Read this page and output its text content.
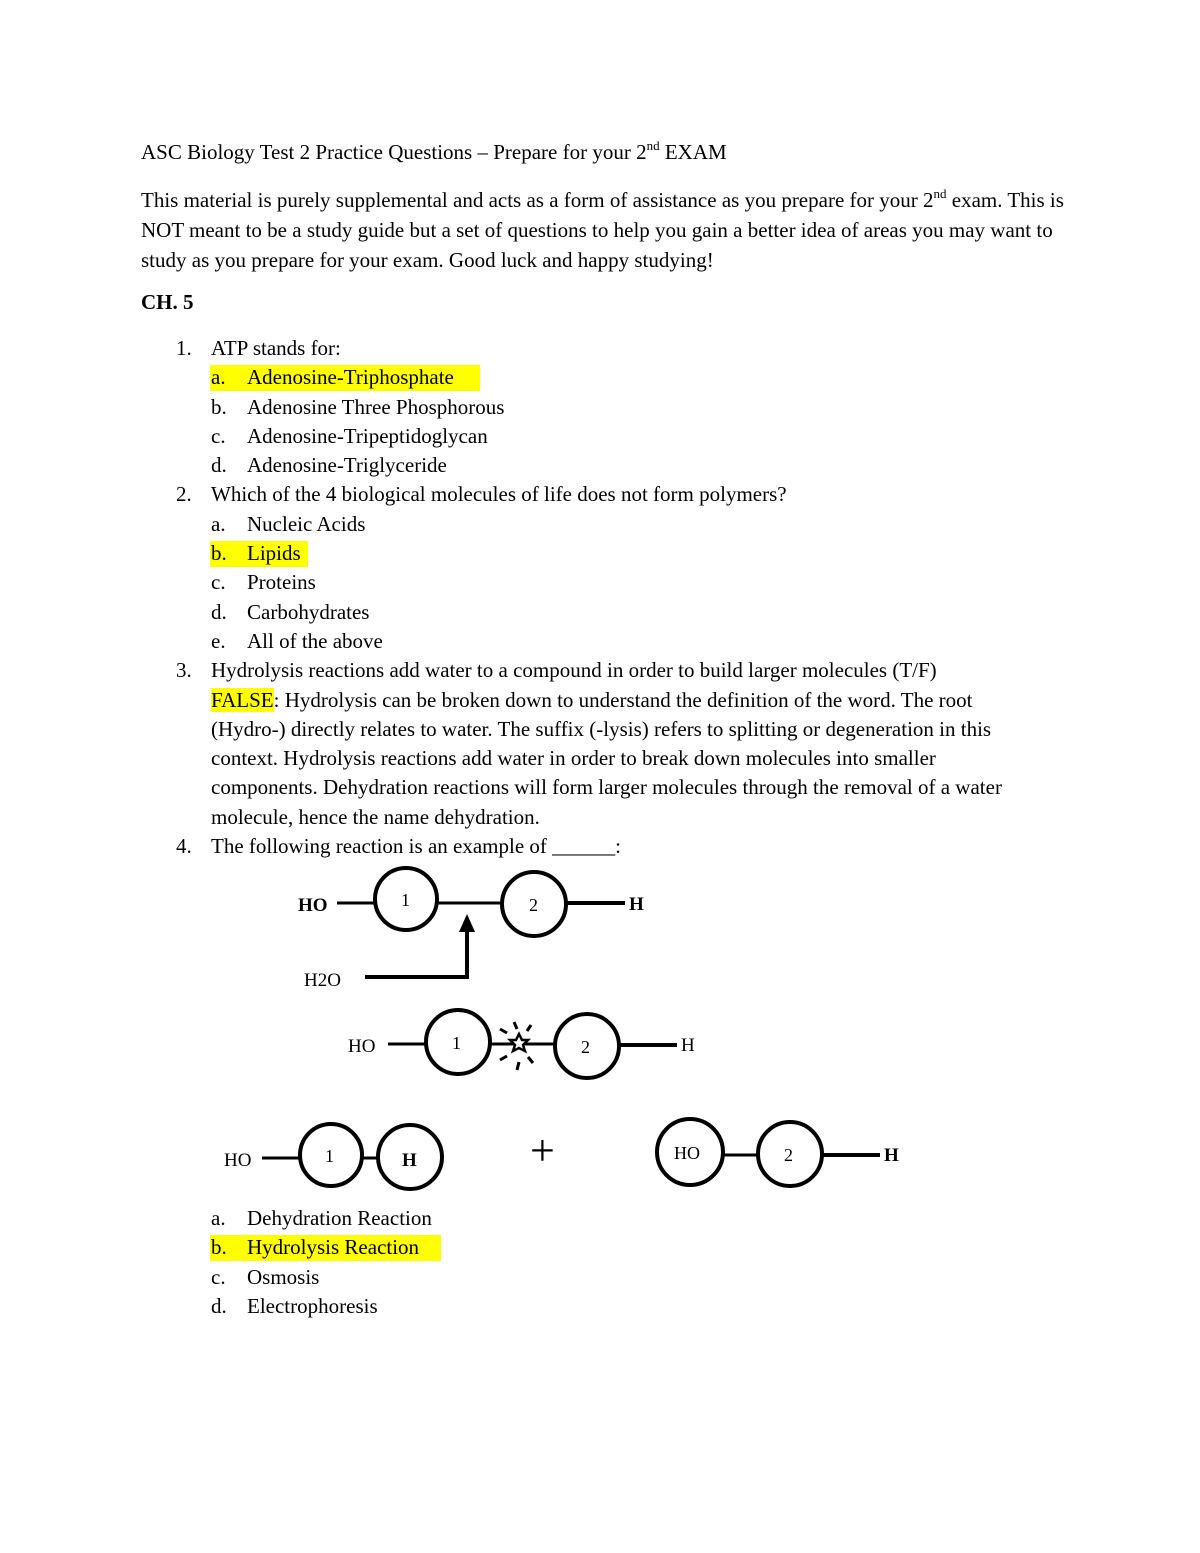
ASC Biology Test 2 Practice Questions – Prepare for your 2nd EXAM
This material is purely supplemental and acts as a form of assistance as you prepare for your 2nd exam. This is NOT meant to be a study guide but a set of questions to help you gain a better idea of areas you may want to study as you prepare for your exam. Good luck and happy studying!
CH. 5
1. ATP stands for:
a. Adenosine-Triphosphate
b. Adenosine Three Phosphorous
c. Adenosine-Tripeptidoglycan
d. Adenosine-Triglyceride
2. Which of the 4 biological molecules of life does not form polymers?
a. Nucleic Acids
b. Lipids
c. Proteins
d. Carbohydrates
e. All of the above
3. Hydrolysis reactions add water to a compound in order to build larger molecules (T/F)
FALSE: Hydrolysis can be broken down to understand the definition of the word. The root (Hydro-) directly relates to water. The suffix (-lysis) refers to splitting or degeneration in this context. Hydrolysis reactions add water in order to break down molecules into smaller components. Dehydration reactions will form larger molecules through the removal of a water molecule, hence the name dehydration.
4. The following reaction is an example of ______:
HO	1	2	H
H2O
HO	1	2	H
HO	1	H	+	HO	2	H
a. Dehydration Reaction
b. Hydrolysis Reaction
c. Osmosis
d. Electrophoresis
